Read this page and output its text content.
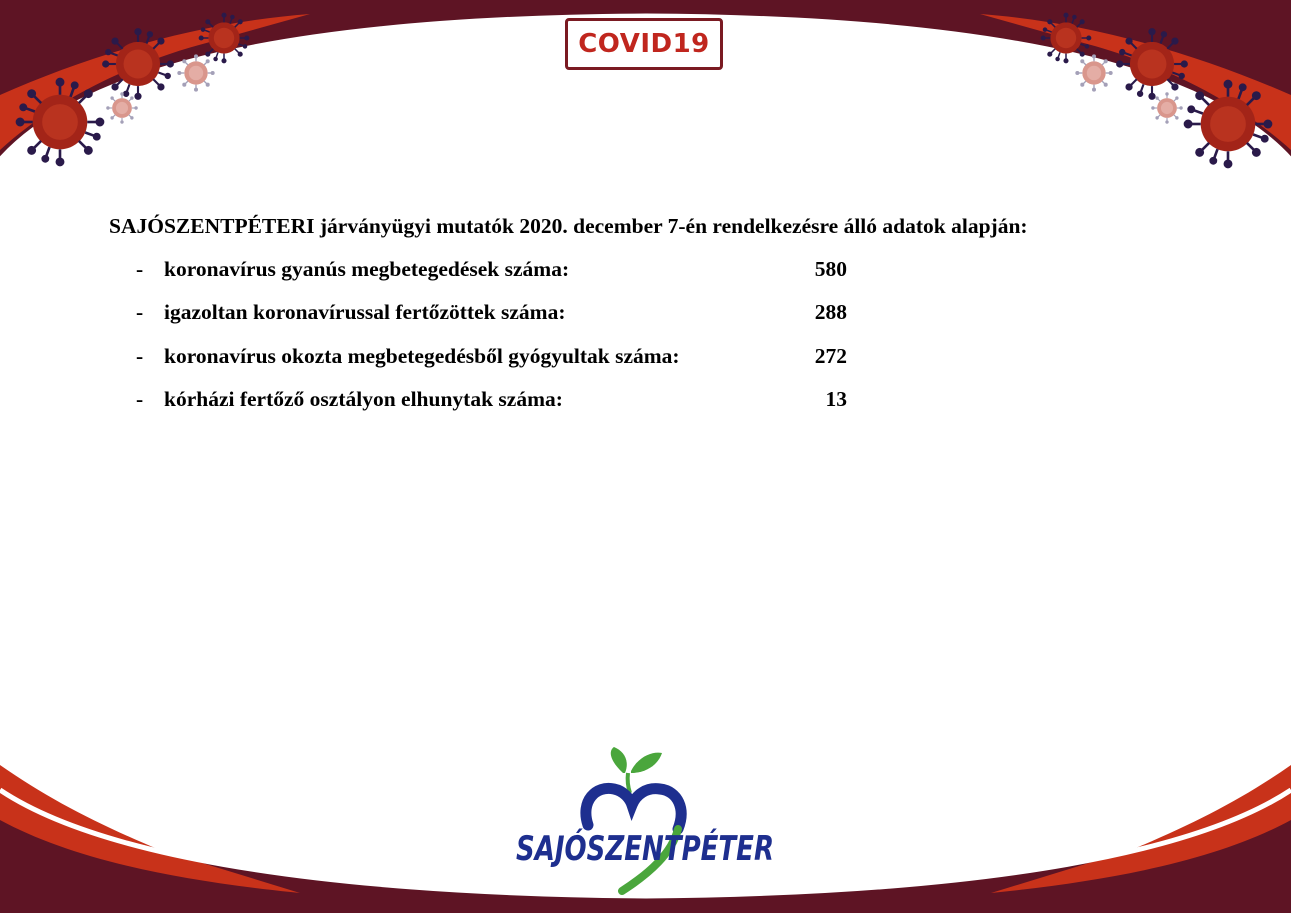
COVID19
SAJÓSZENTPÉTERI járványügyi mutatók 2020. december 7-én rendelkezésre álló adatok alapján:
- koronavírus gyanús megbetegedések száma:	580
- igazoltan koronavírussal fertőzöttek száma:	288
- koronavírus okozta megbetegedésből gyógyultak száma:	272
- kórházi fertőző osztályon elhunytak száma:	13
SAJÓSZENTPÉTER
